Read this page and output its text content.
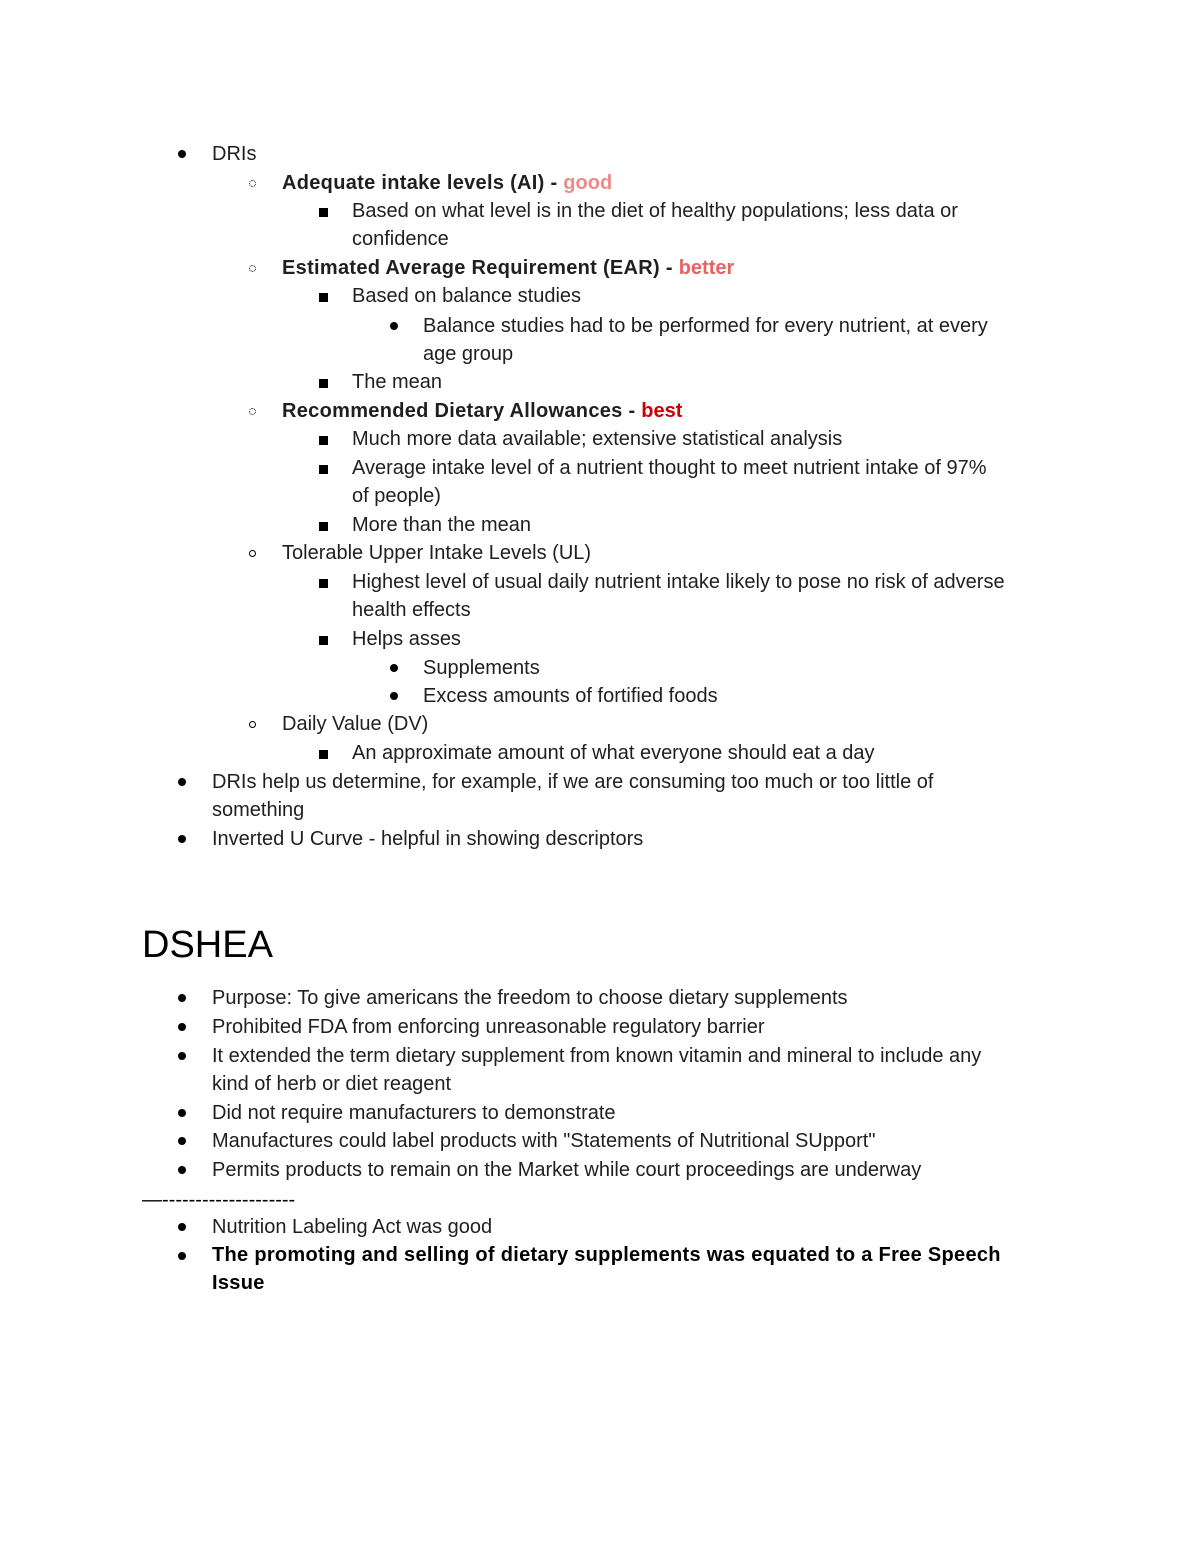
DRIs
Adequate intake levels (AI) - good
Based on what level is in the diet of healthy populations; less data or
confidence
Estimated Average Requirement (EAR) - better
Based on balance studies
Balance studies had to be performed for every nutrient, at every
age group
The mean
Recommended Dietary Allowances - best
Much more data available; extensive statistical analysis
Average intake level of a nutrient thought to meet nutrient intake of 97%
of people)
More than the mean
Tolerable Upper Intake Levels (UL)
Highest level of usual daily nutrient intake likely to pose no risk of adverse
health effects
Helps asses
Supplements
Excess amounts of fortified foods
Daily Value (DV)
An approximate amount of what everyone should eat a day
DRIs help us determine, for example, if we are consuming too much or too little of
something
Inverted U Curve - helpful in showing descriptors
DSHEA
Purpose: To give americans the freedom to choose dietary supplements
Prohibited FDA from enforcing unreasonable regulatory barrier
It extended the term dietary supplement from known vitamin and mineral to include any
kind of herb or diet reagent
Did not require manufacturers to demonstrate
Manufactures could label products with "Statements of Nutritional SUpport"
Permits products to remain on the Market while court proceedings are underway
—--------------------
Nutrition Labeling Act was good
The promoting and selling of dietary supplements was equated to a Free Speech
Issue
